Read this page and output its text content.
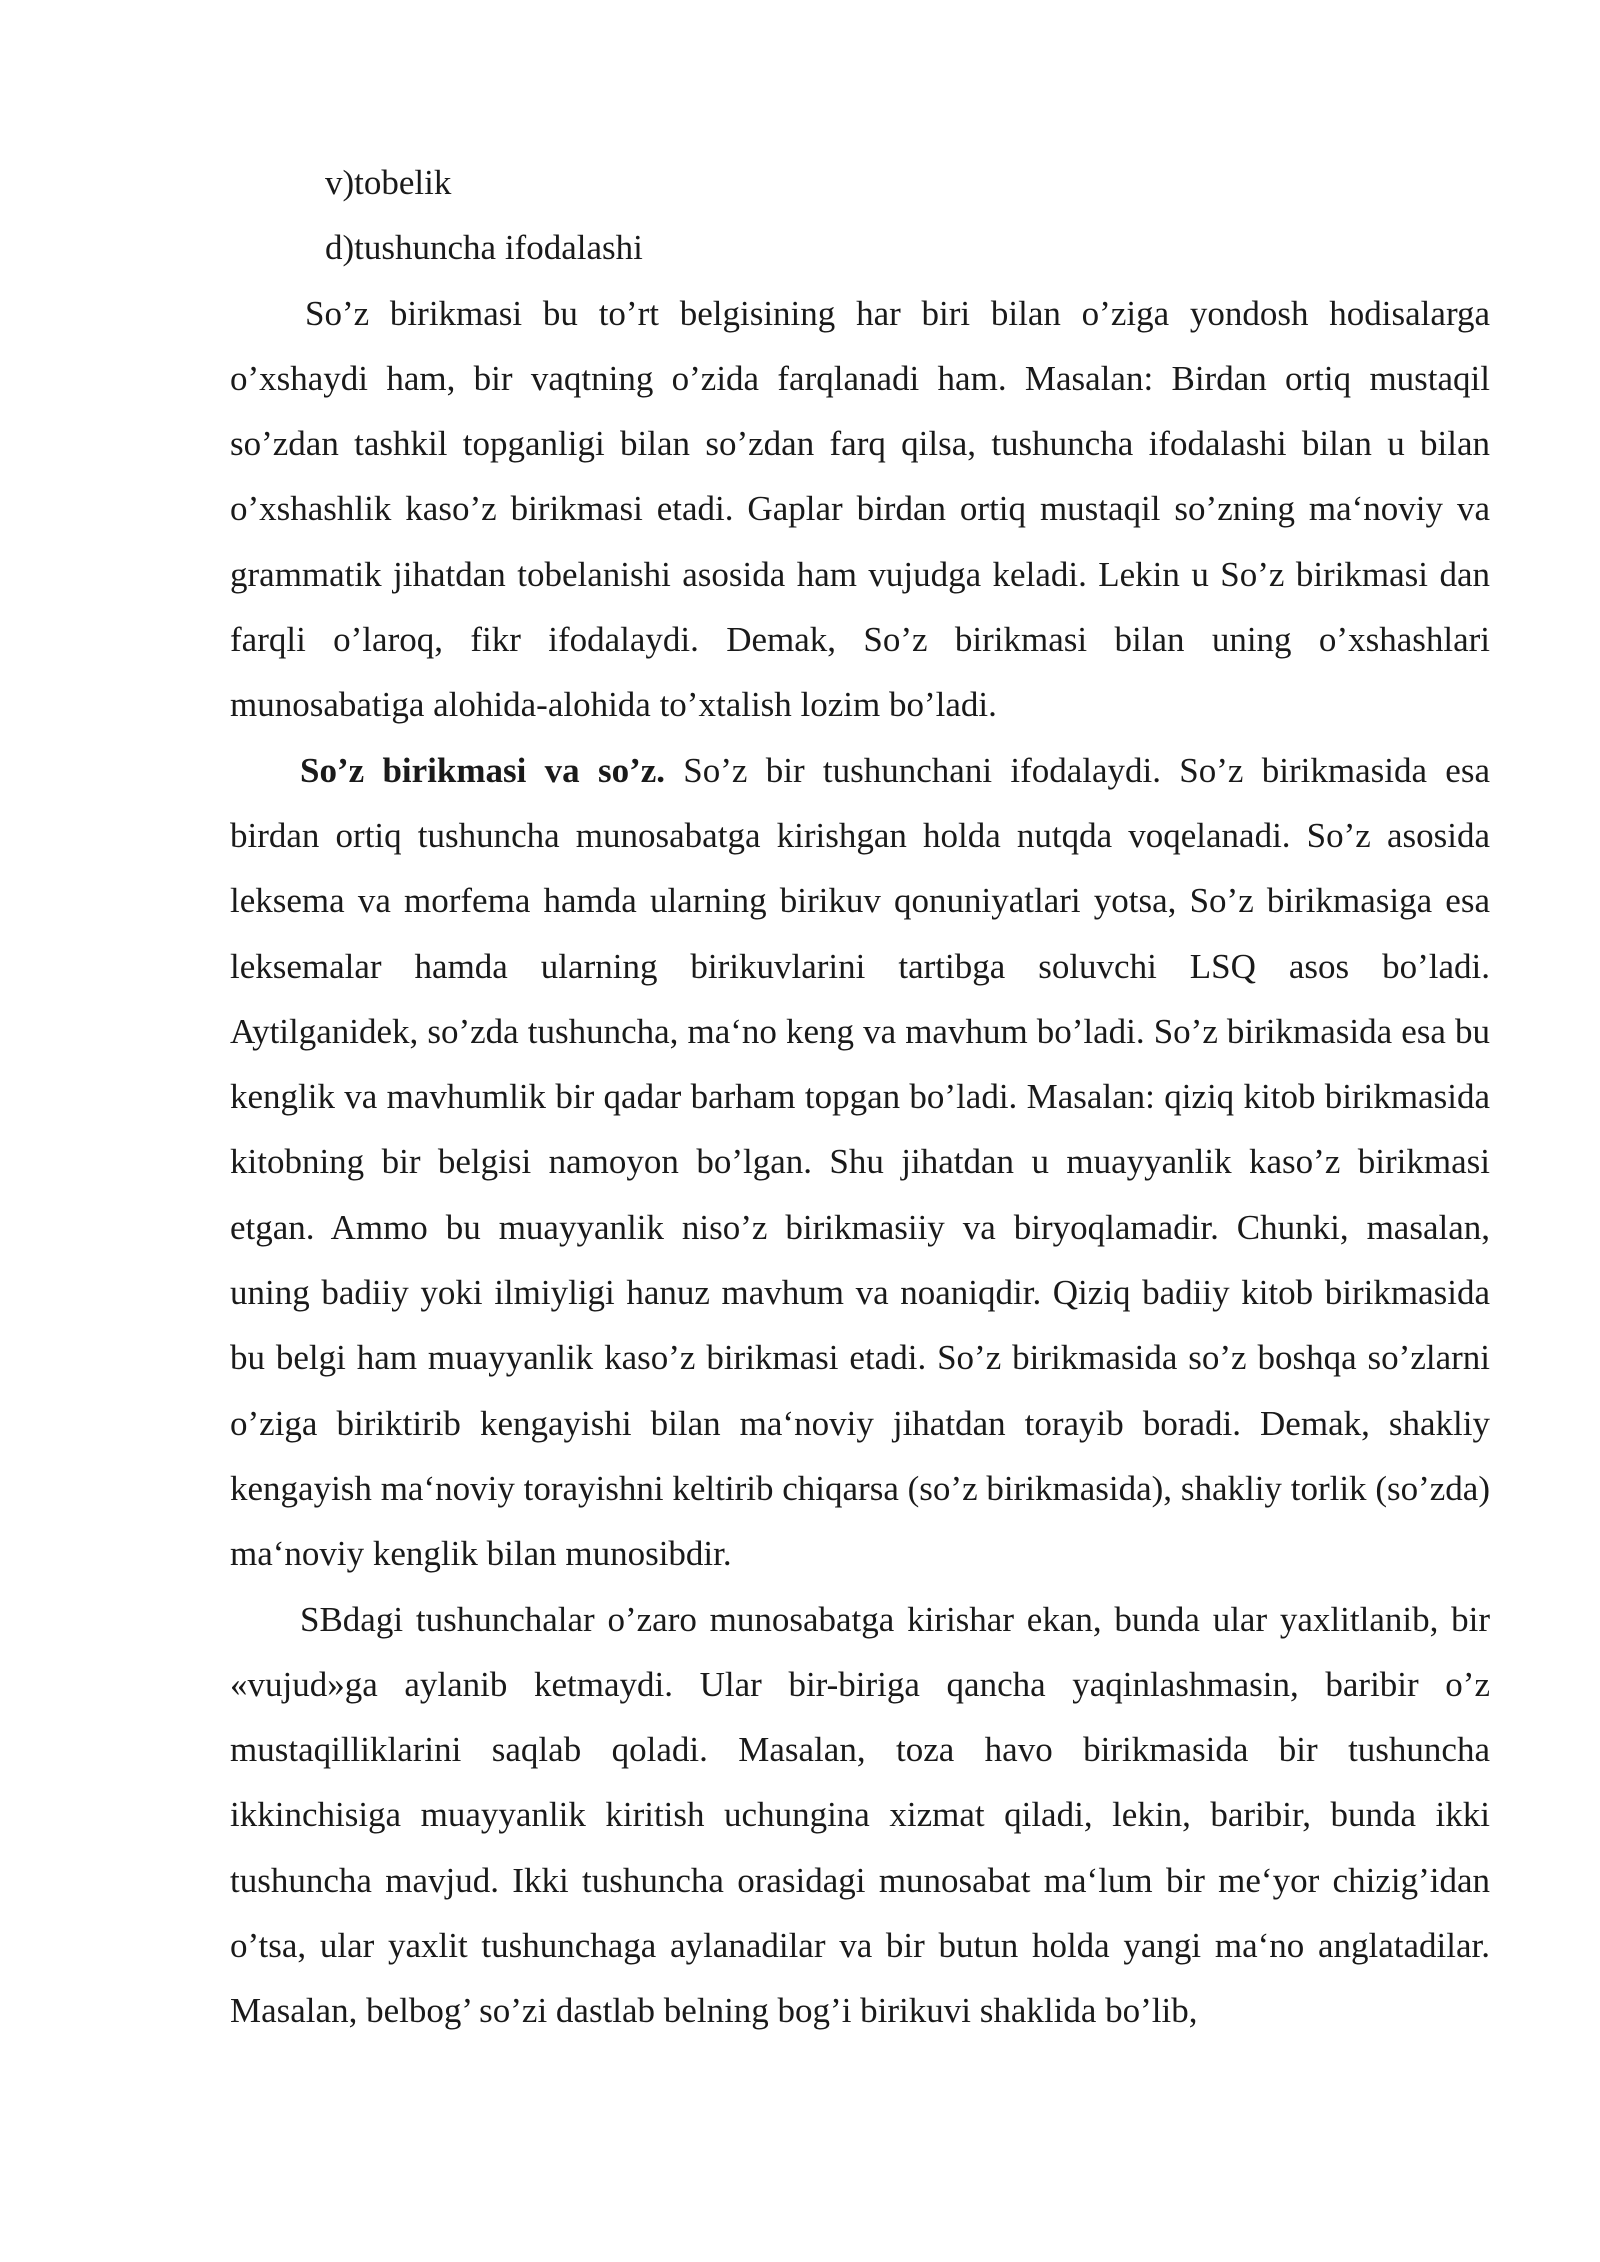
v)tobelik

d)tushuncha ifodalashi

So’z birikmasi bu to’rt belgisining har biri bilan o’ziga yondosh hodisalarga o’xshaydi ham, bir vaqtning o’zida farqlanadi ham. Masalan: Birdan ortiq mustaqil so’zdan tashkil topganligi bilan so’zdan farq qilsa, tushuncha ifodalashi bilan u bilan o’xshashlik kaso’z birikmasi etadi. Gaplar birdan ortiq mustaqil so’zning ma‘noviy va grammatik jihatdan tobelanishi asosida ham vujudga keladi. Lekin u So’z birikmasi dan farqli o’laroq, fikr ifodalaydi. Demak, So’z birikmasi bilan uning o’xshashlari munosabatiga alohida-alohida to’xtalish lozim bo’ladi.

So’z birikmasi va so’z. So’z bir tushunchani ifodalaydi. So’z birikmasida esa birdan ortiq tushuncha munosabatga kirishgan holda nutqda voqelanadi. So’z asosida leksema va morfema hamda ularning birikuv qonuniyatlari yotsa, So’z birikmasiga esa leksemalar hamda ularning birikuvlarini tartibga soluvchi LSQ asos bo’ladi. Aytilganidek, so’zda tushuncha, ma‘no keng va mavhum bo’ladi. So’z birikmasida esa bu kenglik va mavhumlik bir qadar barham topgan bo’ladi. Masalan: qiziq kitob birikmasida kitobning bir belgisi namoyon bo’lgan. Shu jihatdan u muayyanlik kaso’z birikmasi etgan. Ammo bu muayyanlik niso’z birikmasiiy va biryoqlamadir. Chunki, masalan, uning badiiy yoki ilmiyligi hanuz mavhum va noaniqdir. Qiziq badiiy kitob birikmasida bu belgi ham muayyanlik kaso’z birikmasi etadi. So’z birikmasida so’z boshqa so’zlarni o’ziga biriktirib kengayishi bilan ma‘noviy jihatdan torayib boradi. Demak, shakliy kengayish ma‘noviy torayishni keltirib chiqarsa (so’z birikmasida), shakliy torlik (so’zda) ma‘noviy kenglik bilan munosibdir.

SBdagi tushunchalar o’zaro munosabatga kirishar ekan, bunda ular yaxlitlanib, bir «vujud»ga aylanib ketmaydi. Ular bir-biriga qancha yaqinlashmasin, baribir o’z mustaqilliklarini saqlab qoladi. Masalan, toza havo birikmasida bir tushuncha ikkinchisiga muayyanlik kiritish uchungina xizmat qiladi, lekin, baribir, bunda ikki tushuncha mavjud. Ikki tushuncha orasidagi munosabat ma‘lum bir me‘yor chizig’idan o’tsa, ular yaxlit tushunchaga aylanadilar va bir butun holda yangi ma‘no anglatadilar. Masalan, belbog’ so’zi dastlab belning bog’i birikuvi shaklida bo’lib,
